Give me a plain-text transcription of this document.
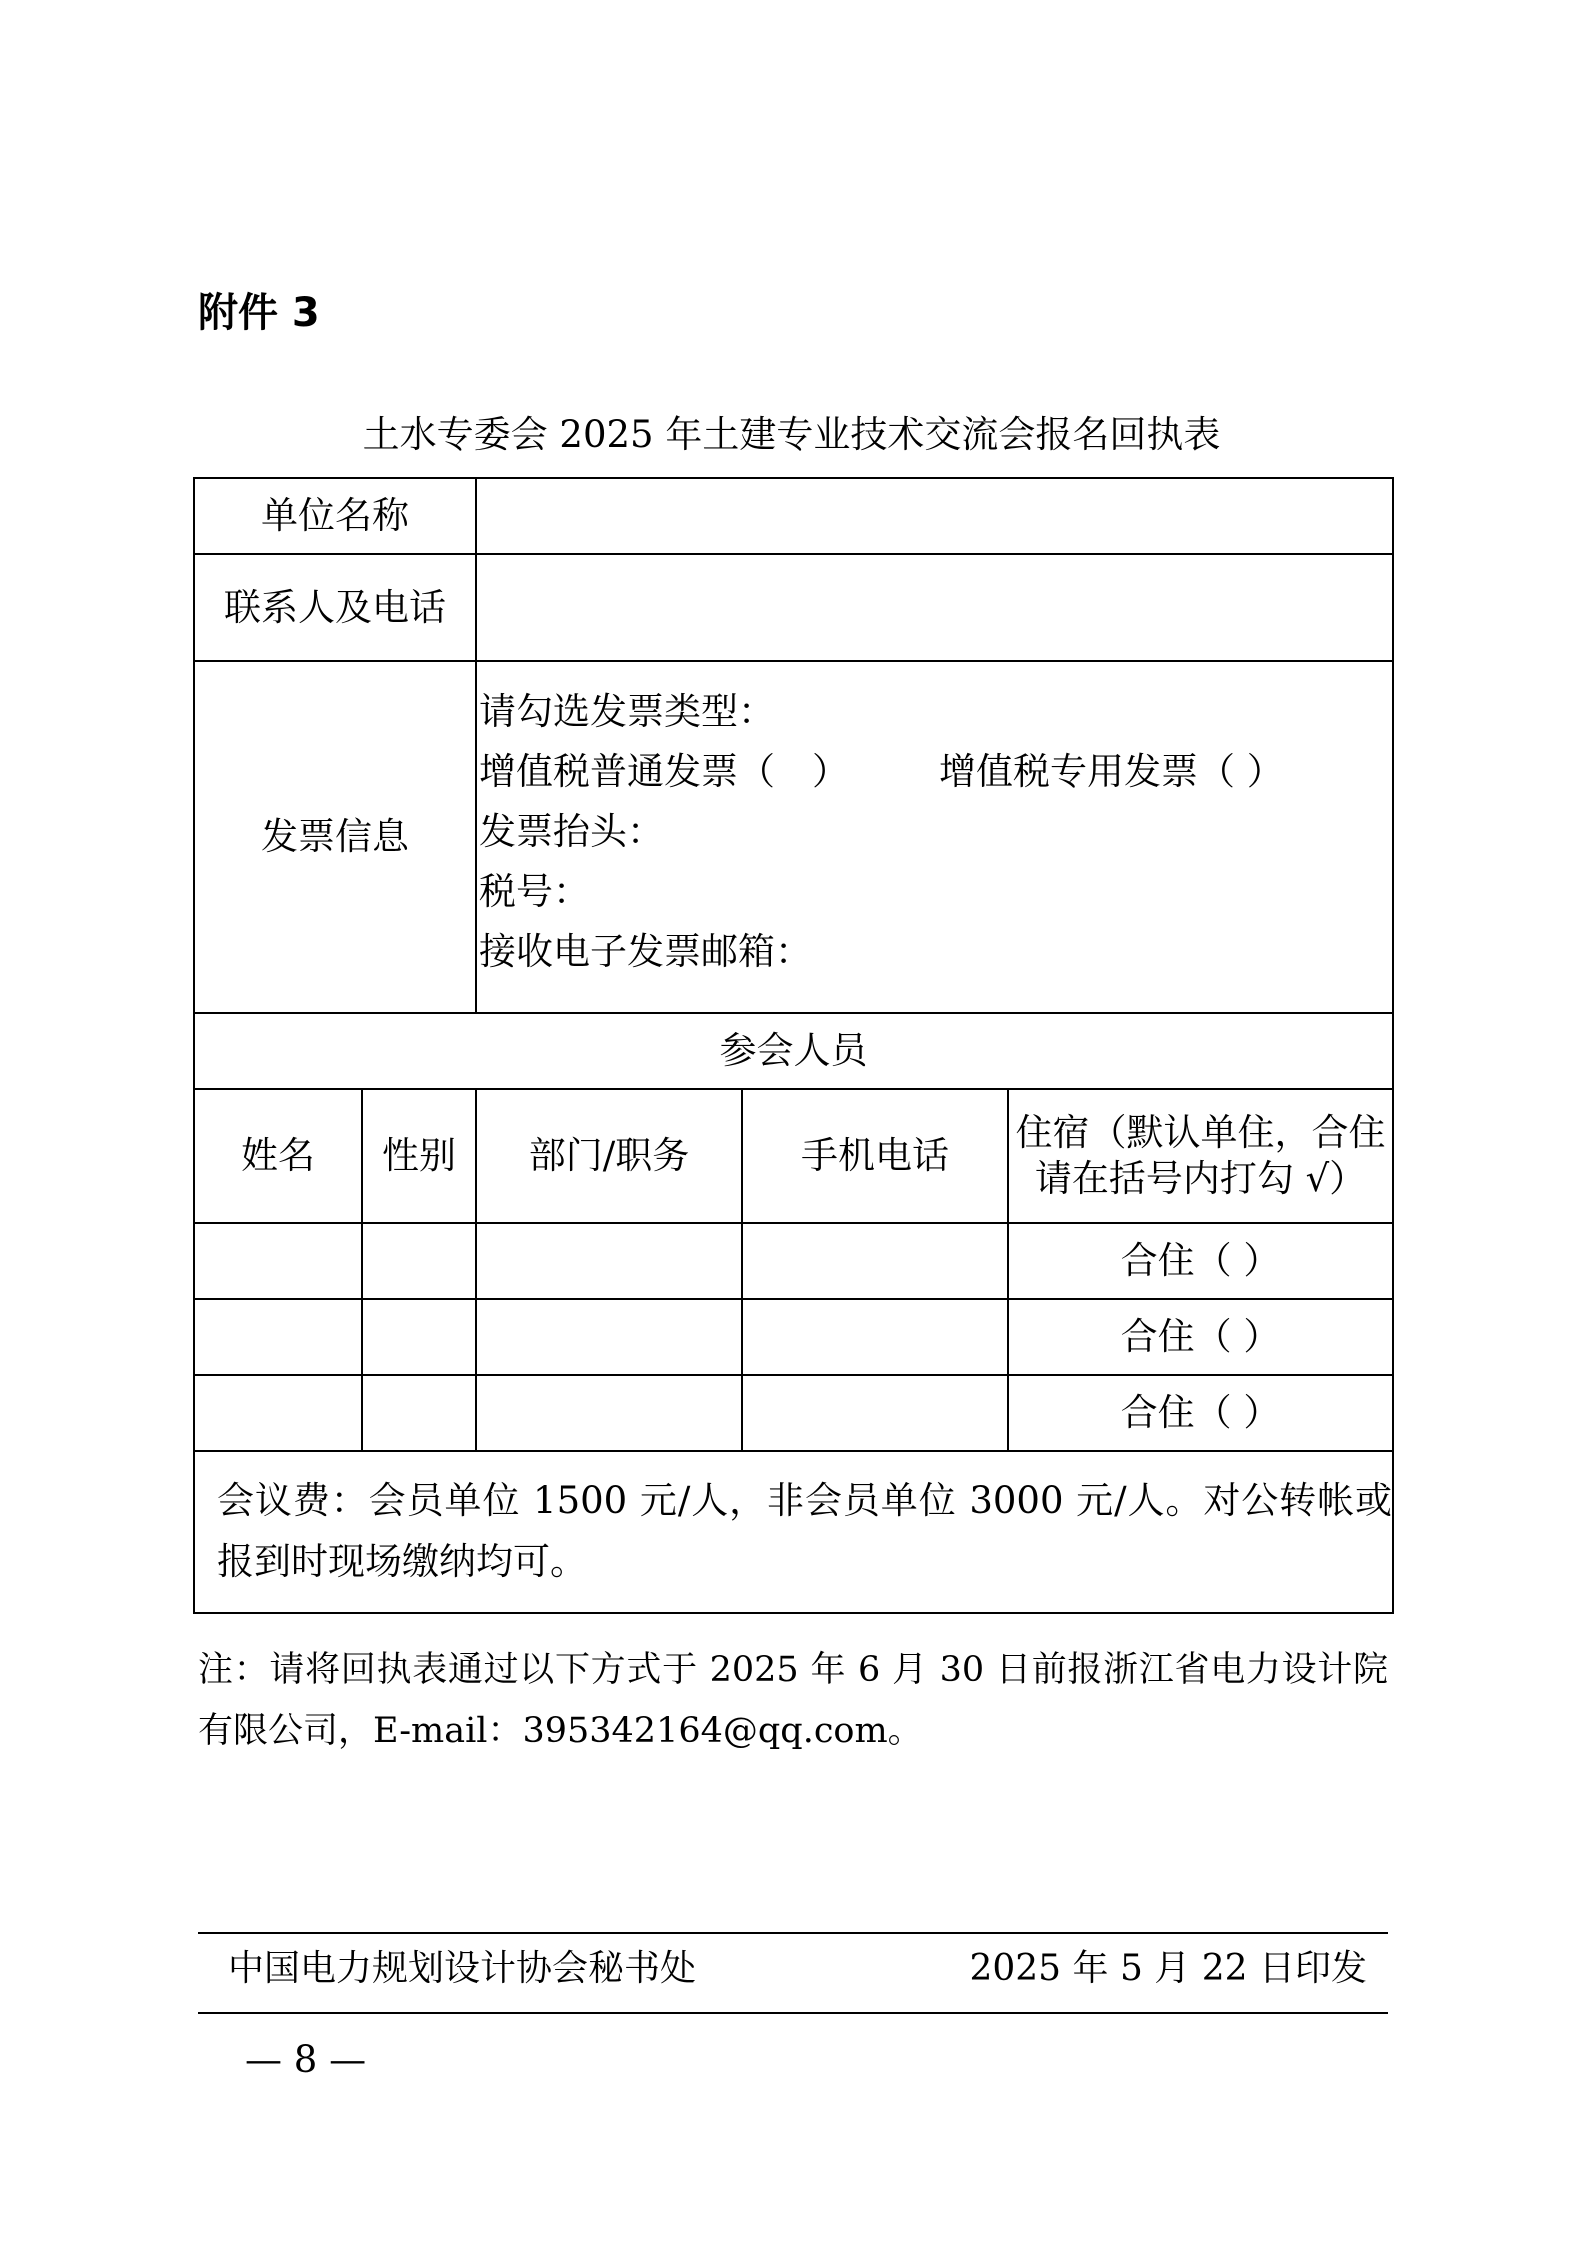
附件 3
土水专委会 2025 年土建专业技术交流会报名回执表
单位名称				
联系人及电话				
发票信息		请勾选发票类型：
增值税普通发票（　） 增值税专用发票（ ）
发票抬头：
税号：
接收电子发票邮箱：		

参会人员				
姓名	性别	部门/职务	手机电话	住宿（默认单住，合住
请在括号内打勾 √）

				合住（ ）
				合住（ ）
				合住（ ）
会议费：会员单位 1500 元/人，非会员单位 3000 元/人。对公转帐或报到时现场缴纳均可。				
注：请将回执表通过以下方式于 2025 年 6 月 30 日前报浙江省电力设计院有限公司，E-mail：395342164@qq.com。
中国电力规划设计协会秘书处	2025 年 5 月 22 日印发
— 8 —
